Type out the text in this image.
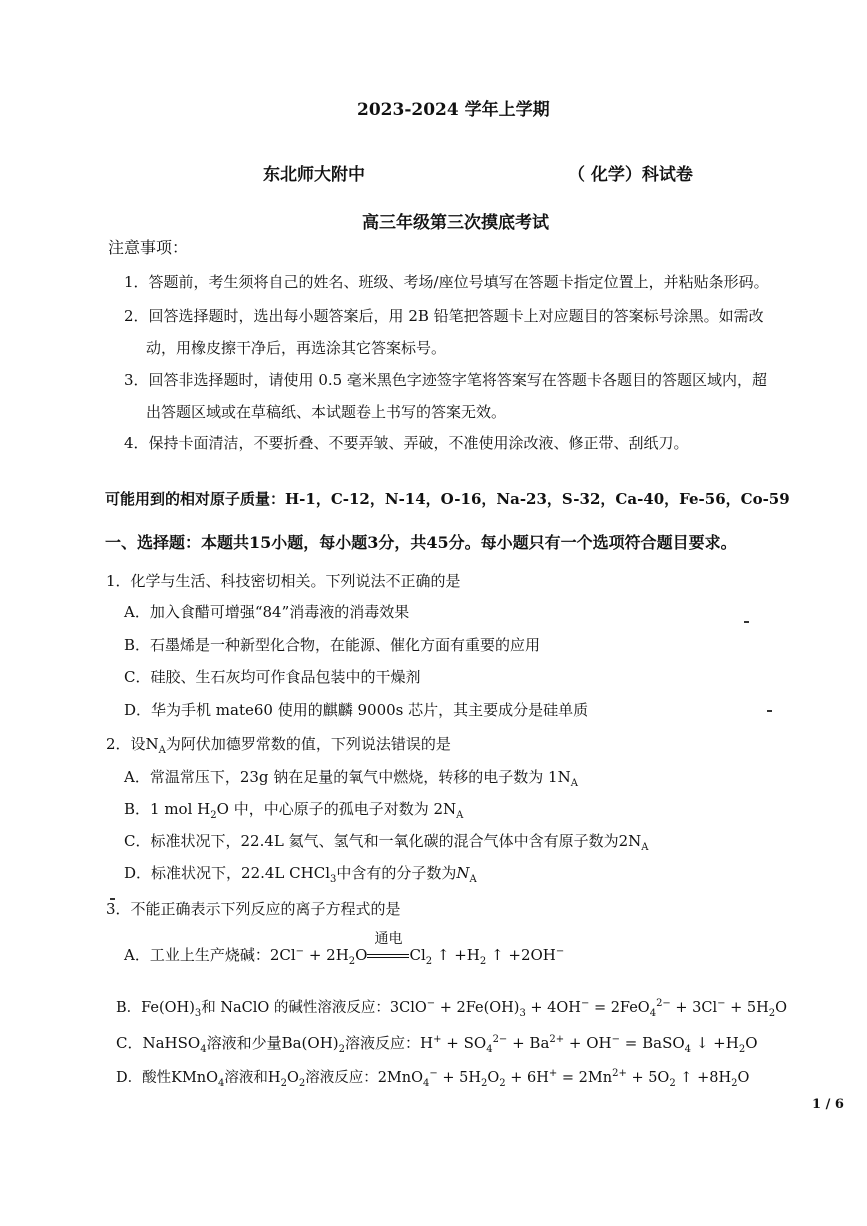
2023-2024 学年上学期
东北师大附中	（ 化学）科试卷
高三年级第三次摸底考试
注意事项：
1．答题前，考生须将自己的姓名、班级、考场/座位号填写在答题卡指定位置上，并粘贴条形码。
2．回答选择题时，选出每小题答案后，用 2B 铅笔把答题卡上对应题目的答案标号涂黑。如需改
动，用橡皮擦干净后，再选涂其它答案标号。
3．回答非选择题时，请使用 0.5 毫米黑色字迹签字笔将答案写在答题卡各题目的答题区域内，超
出答题区域或在草稿纸、本试题卷上书写的答案无效。
4．保持卡面清洁，不要折叠、不要弄皱、弄破，不准使用涂改液、修正带、刮纸刀。
可能用到的相对原子质量：H-1，C-12，N-14，O-16，Na-23，S-32，Ca-40，Fe-56，Co-59
一、选择题：本题共15小题，每小题3分，共45分。每小题只有一个选项符合题目要求。
1．化学与生活、科技密切相关。下列说法不正确的是
A．加入食醋可增强“84”消毒液的消毒效果
B．石墨烯是一种新型化合物，在能源、催化方面有重要的应用
C．硅胶、生石灰均可作食品包装中的干燥剂
D．华为手机 mate60 使用的麒麟 9000s 芯片，其主要成分是硅单质
2．设$N_A$为阿伏加德罗常数的值，下列说法错误的是
A．常温常压下，23g 钠在足量的氧气中燃烧，转移的电子数为 $1N_A$
B．1 mol $H_2O$ 中，中心原子的孤电子对数为 $2N_A$
C．标准状况下，22.4L 氦气、氢气和一氧化碳的混合气体中含有原子数为$2N_A$
D．标准状况下，22.4L CHCl$_3$中含有的分子数为$N_A$
3．不能正确表示下列反应的离子方程式的是
A．工业上生产烧碱：$2Cl^- + 2H_2O$
通电
$Cl_2$ ↑ $+H_2$ ↑ +2OH−
B．$Fe(OH)_3$和 NaClO 的碱性溶液反应：$3ClO^- + 2Fe(OH)_3 + 4OH^- = 2FeO_4^{2-} + 3Cl^- + 5H_2O$
C．NaHSO$_4$溶液和少量$Ba(OH)_2$溶液反应：$H^+ + SO_4^{2-} + Ba^{2+} + OH^-$ = BaSO$_4$ ↓ $+H_2O$
D．酸性KMnO$_4$溶液和$H_2O_2$溶液反应：$2MnO_4^- + 5H_2O_2 + 6H^+ = 2Mn^{2+} + 5O_2$ ↑ $+8H_2O$
1 / 6
